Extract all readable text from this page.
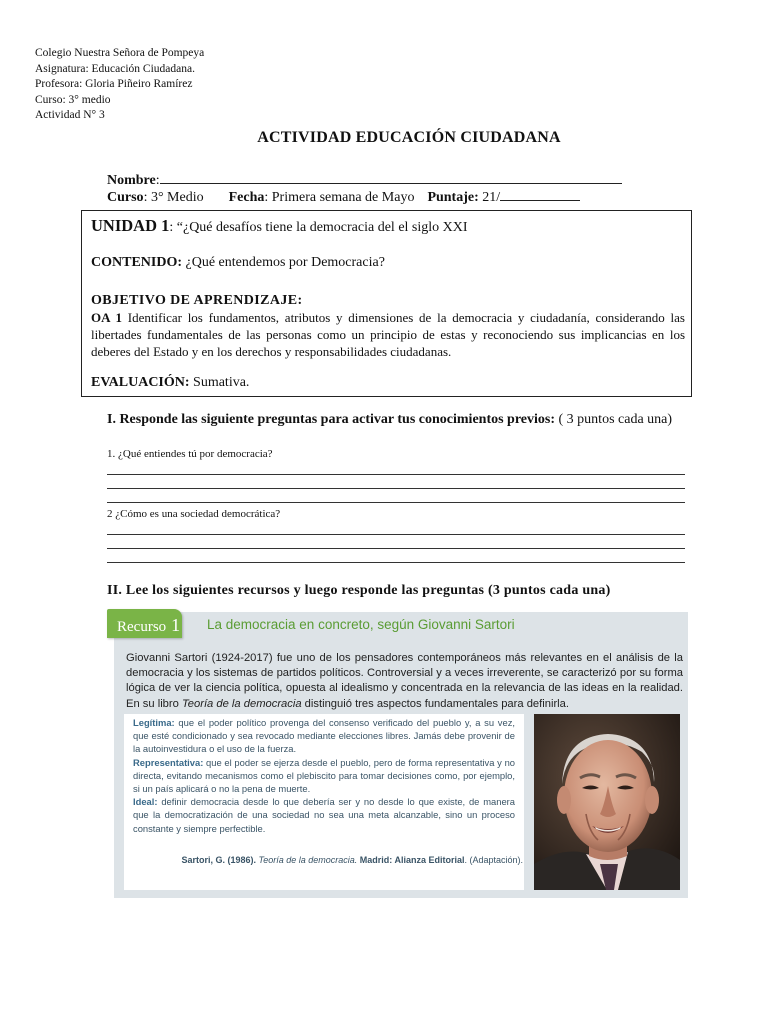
Colegio Nuestra Señora de Pompeya
Asignatura: Educación Ciudadana.
Profesora: Gloria Piñeiro Ramírez
Curso: 3° medio
Actividad N° 3
ACTIVIDAD EDUCACIÓN CIUDADANA
Nombre:
Curso: 3° Medio Fecha: Primera semana de Mayo Puntaje: 21/
UNIDAD 1: “¿Qué desafíos tiene la democracia del el siglo XXI
CONTENIDO: ¿Qué entendemos por Democracia?
OBJETIVO DE APRENDIZAJE:
OA 1 Identificar los fundamentos, atributos y dimensiones de la democracia y ciudadanía, considerando las libertades fundamentales de las personas como un principio de estas y reconociendo sus implicancias en los deberes del Estado y en los derechos y responsabilidades ciudadanas.
EVALUACIÓN: Sumativa.
I. Responde las siguiente preguntas para activar tus conocimientos previos: ( 3 puntos cada una)
1. ¿Qué entiendes tú por democracia?
2 ¿Cómo es una sociedad democrática?
II. Lee los siguientes recursos y luego responde las preguntas (3 puntos cada una)
Recurso 1 La democracia en concreto, según Giovanni Sartori
Giovanni Sartori (1924-2017) fue uno de los pensadores contemporáneos más relevantes en el análisis de la democracia y los sistemas de partidos políticos. Controversial y a veces irreverente, se caracterizó por su forma lógica de ver la ciencia política, opuesta al idealismo y concentrada en la relevancia de las ideas en la realidad. En su libro Teoría de la democracia distinguió tres aspectos fundamentales para definirla.
Legítima: que el poder político provenga del consenso verificado del pueblo y, a su vez, que esté condicionado y sea revocado mediante elecciones libres. Jamás debe provenir de la autoinvestidura o el uso de la fuerza.
Representativa: que el poder se ejerza desde el pueblo, pero de forma representativa y no directa, evitando mecanismos como el plebiscito para tomar decisiones como, por ejemplo, si un país aplicará o no la pena de muerte.
Ideal: definir democracia desde lo que debería ser y no desde lo que existe, de manera que la democratización de una sociedad no sea una meta alcanzable, sino un proceso constante y siempre perfectible.
Sartori, G. (1986). Teoría de la democracia. Madrid: Alianza Editorial. (Adaptación).
